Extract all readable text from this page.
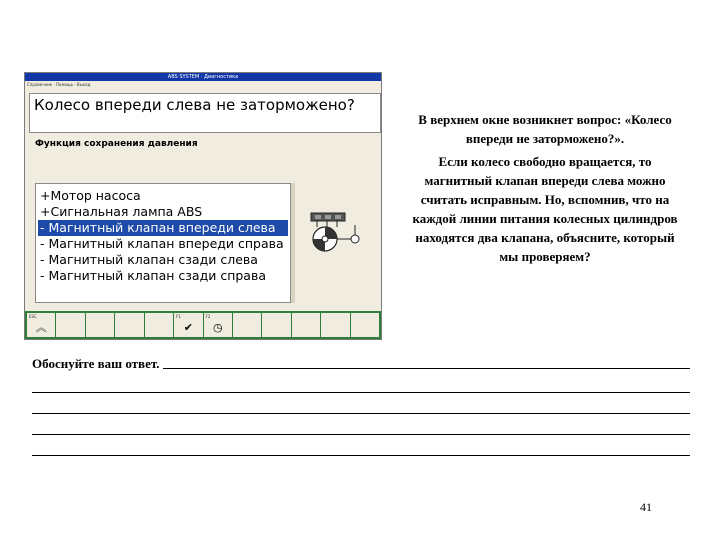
ABS SYSTEM · Диагностика
Справочник · Помощь · Выход
Колесо впереди слева не заторможено?
Функция сохранения давления
+Мотор насоса
+Сигнальная лампа ABS
- Магнитный клапан впереди слева
- Магнитный клапан впереди справа
- Магнитный клапан сзади слева
- Магнитный клапан сзади справа
ESC
︽
F1
✔
F2
◷

В верхнем окне возникнет вопрос: «Колесо впереди не заторможено?».

Если колесо свободно вращается, то магнитный клапан впереди слева можно считать исправным. Но, вспомнив, что на каждой линии питания колесных цилиндров находятся два клапана, объясните, который мы проверяем?

Обоснуйте ваш ответ.
41
